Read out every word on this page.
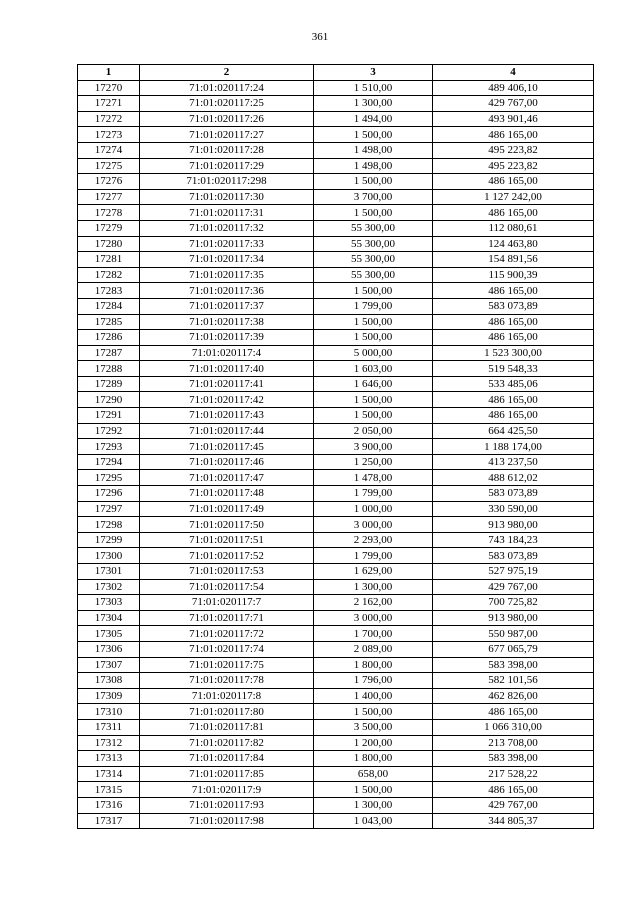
361
1	2	3	4
17270	71:01:020117:24	1 510,00	489 406,10
17271	71:01:020117:25	1 300,00	429 767,00
17272	71:01:020117:26	1 494,00	493 901,46
17273	71:01:020117:27	1 500,00	486 165,00
17274	71:01:020117:28	1 498,00	495 223,82
17275	71:01:020117:29	1 498,00	495 223,82
17276	71:01:020117:298	1 500,00	486 165,00
17277	71:01:020117:30	3 700,00	1 127 242,00
17278	71:01:020117:31	1 500,00	486 165,00
17279	71:01:020117:32	55 300,00	112 080,61
17280	71:01:020117:33	55 300,00	124 463,80
17281	71:01:020117:34	55 300,00	154 891,56
17282	71:01:020117:35	55 300,00	115 900,39
17283	71:01:020117:36	1 500,00	486 165,00
17284	71:01:020117:37	1 799,00	583 073,89
17285	71:01:020117:38	1 500,00	486 165,00
17286	71:01:020117:39	1 500,00	486 165,00
17287	71:01:020117:4	5 000,00	1 523 300,00
17288	71:01:020117:40	1 603,00	519 548,33
17289	71:01:020117:41	1 646,00	533 485,06
17290	71:01:020117:42	1 500,00	486 165,00
17291	71:01:020117:43	1 500,00	486 165,00
17292	71:01:020117:44	2 050,00	664 425,50
17293	71:01:020117:45	3 900,00	1 188 174,00
17294	71:01:020117:46	1 250,00	413 237,50
17295	71:01:020117:47	1 478,00	488 612,02
17296	71:01:020117:48	1 799,00	583 073,89
17297	71:01:020117:49	1 000,00	330 590,00
17298	71:01:020117:50	3 000,00	913 980,00
17299	71:01:020117:51	2 293,00	743 184,23
17300	71:01:020117:52	1 799,00	583 073,89
17301	71:01:020117:53	1 629,00	527 975,19
17302	71:01:020117:54	1 300,00	429 767,00
17303	71:01:020117:7	2 162,00	700 725,82
17304	71:01:020117:71	3 000,00	913 980,00
17305	71:01:020117:72	1 700,00	550 987,00
17306	71:01:020117:74	2 089,00	677 065,79
17307	71:01:020117:75	1 800,00	583 398,00
17308	71:01:020117:78	1 796,00	582 101,56
17309	71:01:020117:8	1 400,00	462 826,00
17310	71:01:020117:80	1 500,00	486 165,00
17311	71:01:020117:81	3 500,00	1 066 310,00
17312	71:01:020117:82	1 200,00	213 708,00
17313	71:01:020117:84	1 800,00	583 398,00
17314	71:01:020117:85	658,00	217 528,22
17315	71:01:020117:9	1 500,00	486 165,00
17316	71:01:020117:93	1 300,00	429 767,00
17317	71:01:020117:98	1 043,00	344 805,37
